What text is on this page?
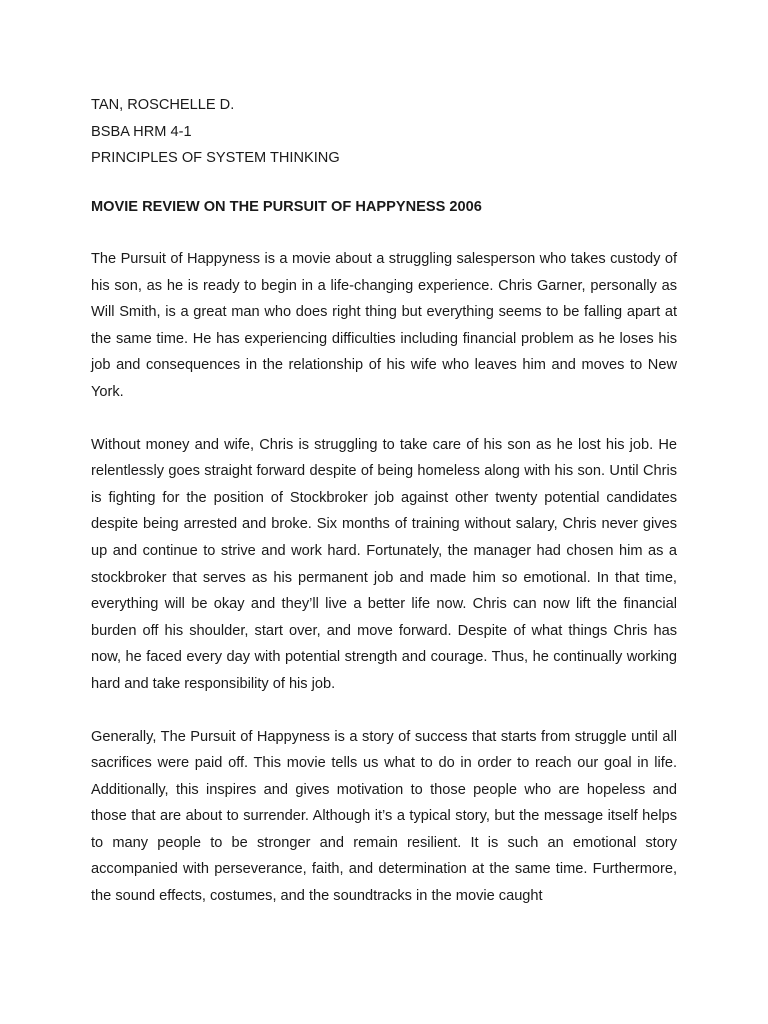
TAN, ROSCHELLE D.

BSBA HRM 4-1

PRINCIPLES OF SYSTEM THINKING

MOVIE REVIEW ON THE PURSUIT OF HAPPYNESS 2006

The Pursuit of Happyness is a movie about a struggling salesperson who takes custody of his son, as he is ready to begin in a life-changing experience. Chris Garner, personally as Will Smith, is a great man who does right thing but everything seems to be falling apart at the same time. He has experiencing difficulties including financial problem as he loses his job and consequences in the relationship of his wife who leaves him and moves to New York.

Without money and wife, Chris is struggling to take care of his son as he lost his job. He relentlessly goes straight forward despite of being homeless along with his son. Until Chris is fighting for the position of Stockbroker job against other twenty potential candidates despite being arrested and broke. Six months of training without salary, Chris never gives up and continue to strive and work hard. Fortunately, the manager had chosen him as a stockbroker that serves as his permanent job and made him so emotional. In that time, everything will be okay and they’ll live a better life now. Chris can now lift the financial burden off his shoulder, start over, and move forward. Despite of what things Chris has now, he faced every day with potential strength and courage. Thus, he continually working hard and take responsibility of his job.

Generally, The Pursuit of Happyness is a story of success that starts from struggle until all sacrifices were paid off. This movie tells us what to do in order to reach our goal in life. Additionally, this inspires and gives motivation to those people who are hopeless and those that are about to surrender. Although it’s a typical story, but the message itself helps to many people to be stronger and remain resilient. It is such an emotional story accompanied with perseverance, faith, and determination at the same time. Furthermore, the sound effects, costumes, and the soundtracks in the movie caught
